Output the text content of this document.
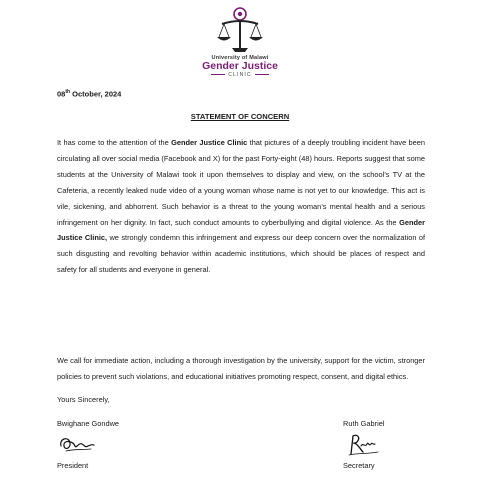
University of Malawi
Gender Justice
CLINIC
08th October, 2024
STATEMENT OF CONCERN

It has come to the attention of the Gender Justice Clinic that pictures of a deeply troubling incident have been circulating all over social media (Facebook and X) for the past Forty-eight (48) hours. Reports suggest that some students at the University of Malawi took it upon themselves to display and view, on the school’s TV at the Cafeteria, a recently leaked nude video of a young woman whose name is not yet to our knowledge. This act is vile, sickening, and abhorrent. Such behavior is a threat to the young woman’s mental health and a serious infringement on her dignity. In fact, such conduct amounts to cyberbullying and digital violence. As the Gender Justice Clinic, we strongly condemn this infringement and express our deep concern over the normalization of such disgusting and revolting behavior within academic institutions, which should be places of respect and safety for all students and everyone in general.

We call for immediate action, including a thorough investigation by the university, support for the victim, stronger policies to prevent such violations, and educational initiatives promoting respect, consent, and digital ethics.

Yours Sincerely,
Bwighane Gondwe	Ruth Gabriel
President	Secretary
